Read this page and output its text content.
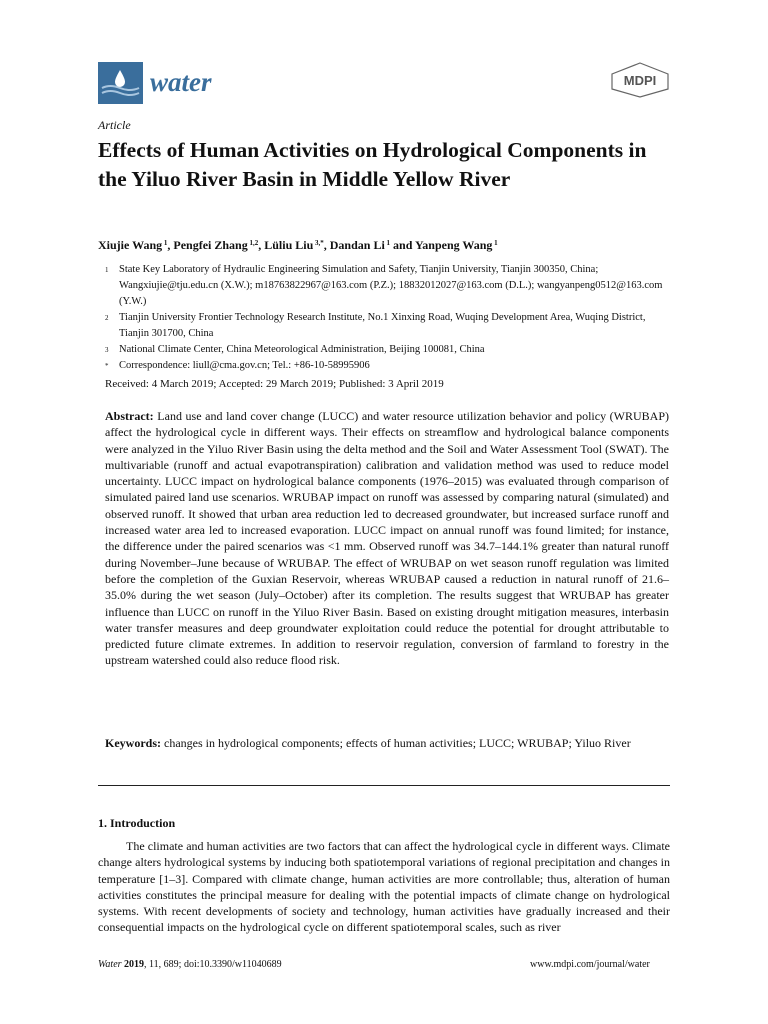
water	MDPI
Article
Effects of Human Activities on Hydrological Components in the Yiluo River Basin in Middle Yellow River
Xiujie Wang $^1$, Pengfei Zhang $^{1,2}$, Lüliu Liu $^{3,*}$, Dandan Li $^1$ and Yanpeng Wang $^1$
1	State Key Laboratory of Hydraulic Engineering Simulation and Safety, Tianjin University, Tianjin 300350, China; Wangxiujie@tju.edu.cn (X.W.); m18763822967@163.com (P.Z.); 18832012027@163.com (D.L.); wangyanpeng0512@163.com (Y.W.)
2	Tianjin University Frontier Technology Research Institute, No.1 Xinxing Road, Wuqing Development Area, Wuqing District, Tianjin 301700, China
3	National Climate Center, China Meteorological Administration, Beijing 100081, China
*	Correspondence: liull@cma.gov.cn; Tel.: +86-10-58995906
Received: 4 March 2019; Accepted: 29 March 2019; Published: 3 April 2019

Abstract: Land use and land cover change (LUCC) and water resource utilization behavior and policy (WRUBAP) affect the hydrological cycle in different ways. Their effects on streamflow and hydrological balance components were analyzed in the Yiluo River Basin using the delta method and the Soil and Water Assessment Tool (SWAT). The multivariable (runoff and actual evapotranspiration) calibration and validation method was used to reduce model uncertainty. LUCC impact on hydrological balance components (1976–2015) was evaluated through comparison of simulated paired land use scenarios. WRUBAP impact on runoff was assessed by comparing natural (simulated) and observed runoff. It showed that urban area reduction led to decreased groundwater, but increased surface runoff and increased water area led to increased evaporation. LUCC impact on annual runoff was found limited; for instance, the difference under the paired scenarios was <1 mm. Observed runoff was 34.7–144.1% greater than natural runoff during November–June because of WRUBAP. The effect of WRUBAP on wet season runoff regulation was limited before the completion of the Guxian Reservoir, whereas WRUBAP caused a reduction in natural runoff of 21.6–35.0% during the wet season (July–October) after its completion. The results suggest that WRUBAP has greater influence than LUCC on runoff in the Yiluo River Basin. Based on existing drought mitigation measures, interbasin water transfer measures and deep groundwater exploitation could reduce the potential for drought attributable to predicted future climate extremes. In addition to reservoir regulation, conversion of farmland to forestry in the upstream watershed could also reduce flood risk.

Keywords: changes in hydrological components; effects of human activities; LUCC; WRUBAP; Yiluo River

1. Introduction

The climate and human activities are two factors that can affect the hydrological cycle in different ways. Climate change alters hydrological systems by inducing both spatiotemporal variations of regional precipitation and changes in temperature [1–3]. Compared with climate change, human activities are more controllable; thus, alteration of human activities constitutes the principal measure for dealing with the potential impacts of climate change on hydrological systems. With recent developments of society and technology, human activities have gradually increased and their consequential impacts on the hydrological cycle on different spatiotemporal scales, such as river

Water 2019, 11, 689; doi:10.3390/w11040689	www.mdpi.com/journal/water
